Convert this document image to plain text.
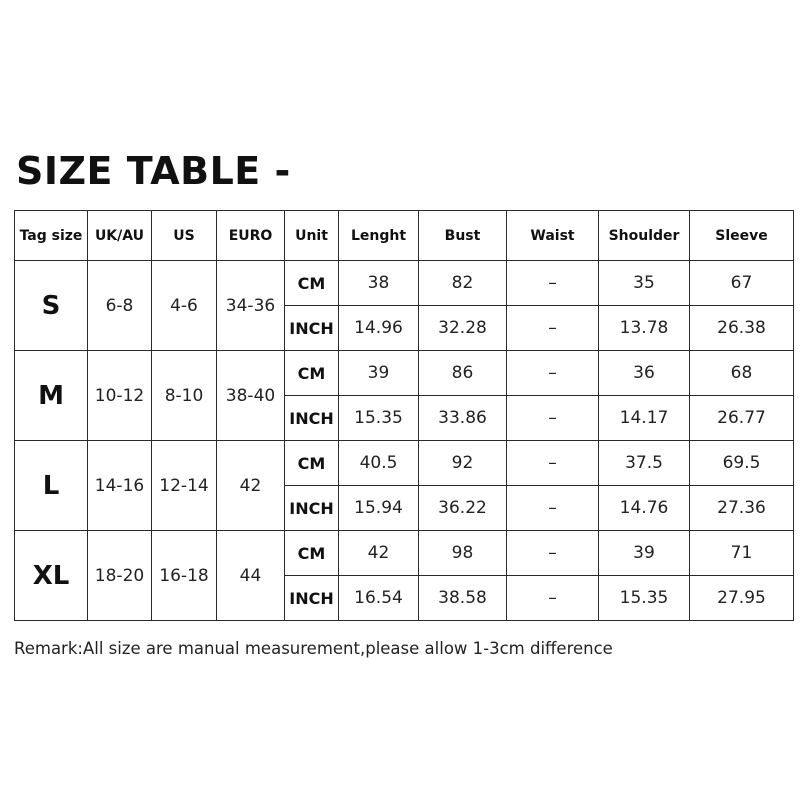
SIZE TABLE -
Tag size	UK/AU	US	EURO	Unit	Lenght	Bust	Waist	Shoulder	Sleeve
S	6-8	4-6	34-36	CM	38	82	–	35	67
				INCH	14.96	32.28	–	13.78	26.38
M	10-12	8-10	38-40	CM	39	86	–	36	68
				INCH	15.35	33.86	–	14.17	26.77
L	14-16	12-14	42	CM	40.5	92	–	37.5	69.5
				INCH	15.94	36.22	–	14.76	27.36
XL	18-20	16-18	44	CM	42	98	–	39	71
				INCH	16.54	38.58	–	15.35	27.95
Remark:All size are manual measurement,please allow 1-3cm difference
